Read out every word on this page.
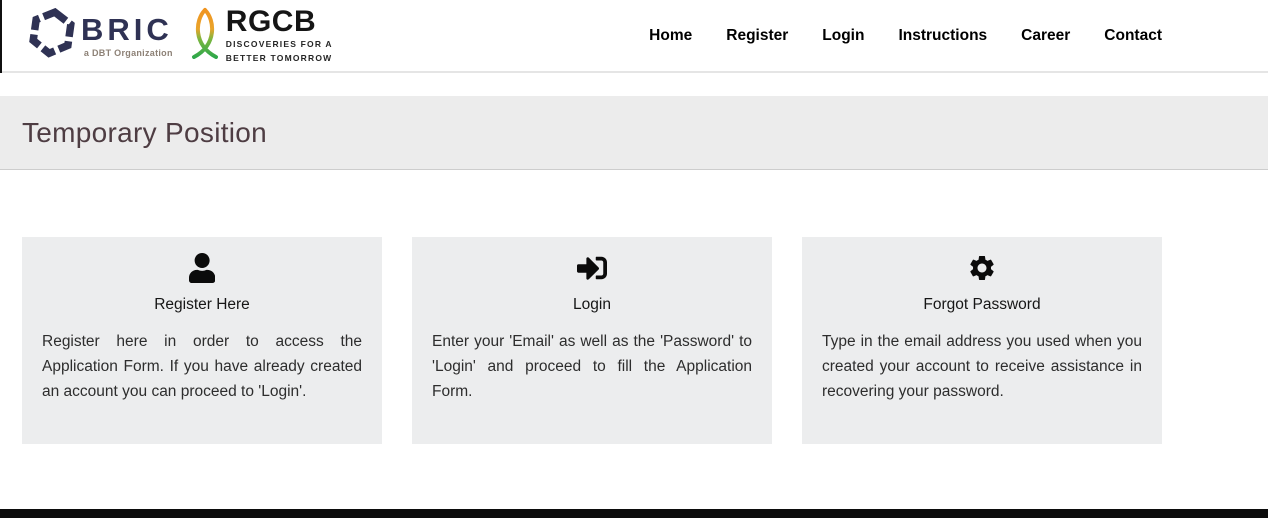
BRIC
a DBT Organization
RGCB
DISCOVERIES FOR A
BETTER TOMORROW
Home Register Login Instructions Career Contact
Temporary Position
Register Here

Register here in order to access the Application Form. If you have already created an account you can proceed to 'Login'.

Login

Enter your 'Email' as well as the 'Password' to 'Login' and proceed to fill the Application Form.

Forgot Password

Type in the email address you used when you created your account to receive assistance in recovering your password.
